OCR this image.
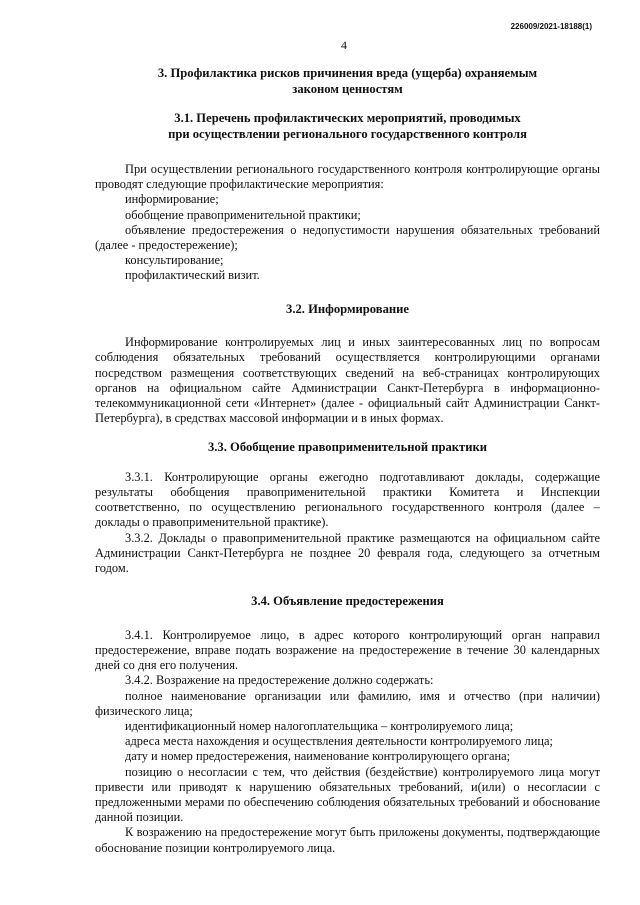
226009/2021-18188(1)
4
3. Профилактика рисков причинения вреда (ущерба) охраняемым
законом ценностям
3.1. Перечень профилактических мероприятий, проводимых
при осуществлении регионального государственного контроля

При осуществлении регионального государственного контроля контролирующие органы проводят следующие профилактические мероприятия:

информирование;

обобщение правоприменительной практики;

объявление предостережения о недопустимости нарушения обязательных требований (далее - предостережение);

консультирование;

профилактический визит.

3.2. Информирование

Информирование контролируемых лиц и иных заинтересованных лиц по вопросам соблюдения обязательных требований осуществляется контролирующими органами посредством размещения соответствующих сведений на веб-страницах контролирующих органов на официальном сайте Администрации Санкт-Петербурга в информационно-телекоммуникационной сети «Интернет» (далее - официальный сайт Администрации Санкт-Петербурга), в средствах массовой информации и в иных формах.

3.3. Обобщение правоприменительной практики

3.3.1. Контролирующие органы ежегодно подготавливают доклады, содержащие результаты обобщения правоприменительной практики Комитета и Инспекции соответственно, по осуществлению регионального государственного контроля (далее – доклады о правоприменительной практике).

3.3.2. Доклады о правоприменительной практике размещаются на официальном сайте Администрации Санкт-Петербурга не позднее 20 февраля года, следующего за отчетным годом.

3.4. Объявление предостережения

3.4.1. Контролируемое лицо, в адрес которого контролирующий орган направил предостережение, вправе подать возражение на предостережение в течение 30 календарных дней со дня его получения.

3.4.2. Возражение на предостережение должно содержать:

полное наименование организации или фамилию, имя и отчество (при наличии) физического лица;

идентификационный номер налогоплательщика – контролируемого лица;

адреса места нахождения и осуществления деятельности контролируемого лица;

дату и номер предостережения, наименование контролирующего органа;

позицию о несогласии с тем, что действия (бездействие) контролируемого лица могут привести или приводят к нарушению обязательных требований, и(или) о несогласии с предложенными мерами по обеспечению соблюдения обязательных требований и обоснование данной позиции.

К возражению на предостережение могут быть приложены документы, подтверждающие обоснование позиции контролируемого лица.
